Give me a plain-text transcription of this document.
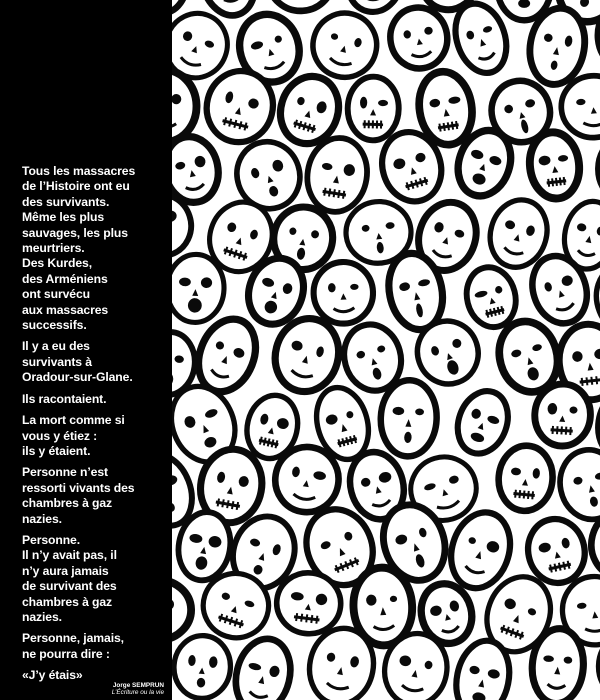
Tous les massacres
de l’Histoire ont eu
des survivants.
Même les plus
sauvages, les plus
meurtriers.
Des Kurdes,
des Arméniens
ont survécu
aux massacres
successifs.
Il y a eu des
survivants à
Oradour-sur-Glane.
Ils racontaient.
La mort comme si
vous y étiez :
ils y étaient.
Personne n’est
ressorti vivants des
chambres à gaz
nazies.
Personne.
Il n’y avait pas, il
n’y aura jamais
de survivant des
chambres à gaz
nazies.
Personne, jamais,
ne pourra dire :
«J’y étais»
Jorge SEMPRUN
L’Écriture ou la vie
